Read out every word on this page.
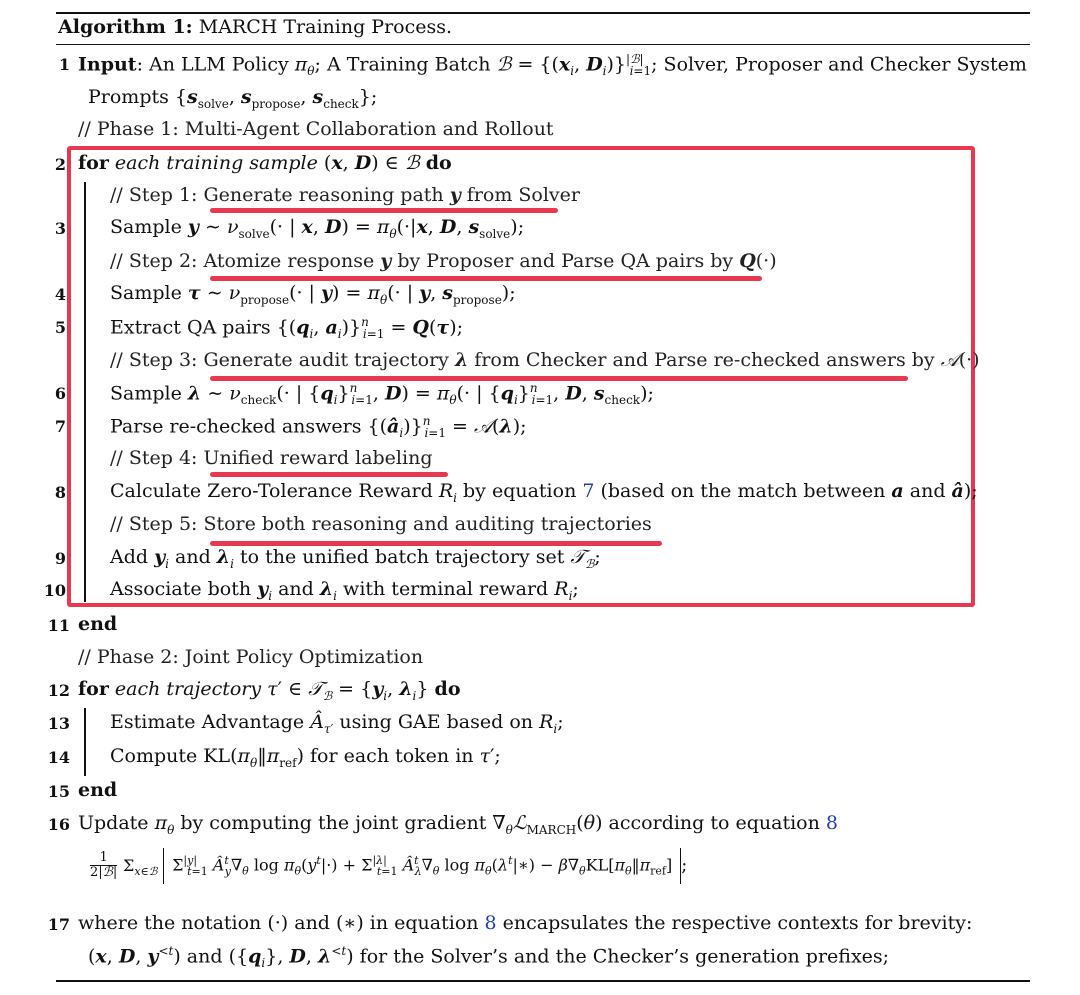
Algorithm 1: MARCH Training Process.
1 Input: An LLM Policy $\pi_\theta$; A Training Batch ℬ = {($x_i$, $D_i)\}^{|ℬ|}_{i=1}$; Solver, Proposer and Checker System
Prompts {$s_{solve}$, $s_{propose}$, $s_{check}$};
// Phase 1: Multi-Agent Collaboration and Rollout
2 for each training sample (x, D) ∈ ℬ do
// Step 1: Generate reasoning path y from Solver
3 Sample y ∼ $\nu_{solve}(\cdot$ | x, $D) = \pi_\theta(\cdot|x$, D, $s_{solve}$);
// Step 2: Atomize response y by Proposer and Parse QA pairs by Q(·)
4 Sample τ ∼ $\nu_{propose}(\cdot$ | $y) = \pi_\theta(\cdot$ | y, $s_{propose}$);
5 Extract QA pairs {($q_i$, $a_i)\}^n_{i=1} = Q(\tau)$;
// Step 3: Generate audit trajectory λ from Checker and Parse re-checked answers by 𝒜(·)
6 Sample λ ∼ $\nu_{check}(\cdot$ | $\{q_i\}^n_{i=1}$, $D) = \pi_\theta(\cdot$ | $\{q_i\}^n_{i=1}$, D, $s_{check}$);
7 Parse re-checked answers $\{(â_i)\}^n_{i=1}$ = 𝒜(λ);
// Step 4: Unified reward labeling
8 Calculate Zero-Tolerance Reward $R_i$ by equation 7 (based on the match between a and â);
// Step 5: Store both reasoning and auditing trajectories
9 Add $y_i$ and $\lambda_i$ to the unified batch trajectory set 𝒯$_ℬ$;
10 Associate both $y_i$ and $\lambda_i$ with terminal reward $R_i$;
11 end
// Phase 2: Joint Policy Optimization
12 for each trajectory τ′ ∈ 𝒯$_ℬ$ = {$y_i$, $\lambda_i$} do
13 Estimate Advantage $Â_{\tau'}$ using GAE based on $R_i$;
14 Compute $KL(\pi_\theta‖\pi_{ref})$ for each token in τ′;
15 end
16 Update $\pi_\theta$ by computing the joint gradient $\nabla_\theta ℒ_{MARCH}(\theta)$ according to equation 8
$\frac{1}{\text{2|ℬ|}} \Sigma_{x\in ℬ}$ $\Sigma^{|y|}_{t=1}$ $Â^t_y\nabla_\theta$ $\log \pi_\theta(y^t|\cdot) + \Sigma^{|\lambda|}_{t=1}$ $Â^t_\lambda\nabla_\theta$ $\log \pi_\theta(\lambda^t|∗)$ − $\beta\nabla_\theta KL[\pi_\theta‖\pi_{ref}]$;
17 where the notation (·) and (∗) in equation 8 encapsulates the respective contexts for brevity:
(x, D, $y^{<t}$) and ($\{q_i\}$, D, $\lambda^{<t}$) for the Solver’s and the Checker’s generation prefixes;
